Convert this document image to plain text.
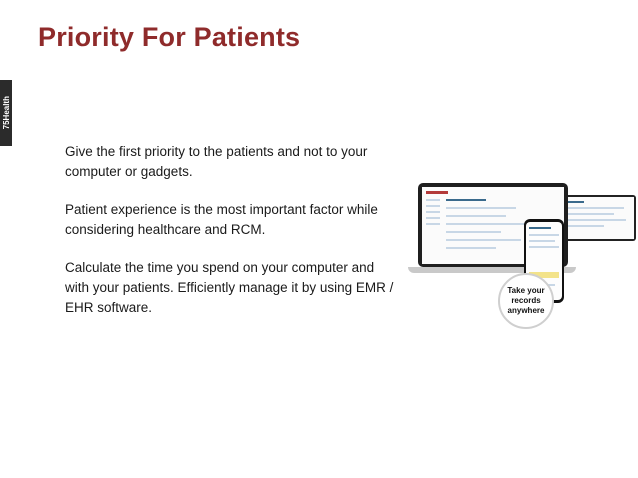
Priority For Patients
75Health

Give the first priority to the patients and not to your computer or gadgets.

Patient experience is the most important factor while considering healthcare and RCM.

Calculate the time you spend on your computer and with your patients. Efficiently manage it by using EMR / EHR software.

Take your records anywhere
